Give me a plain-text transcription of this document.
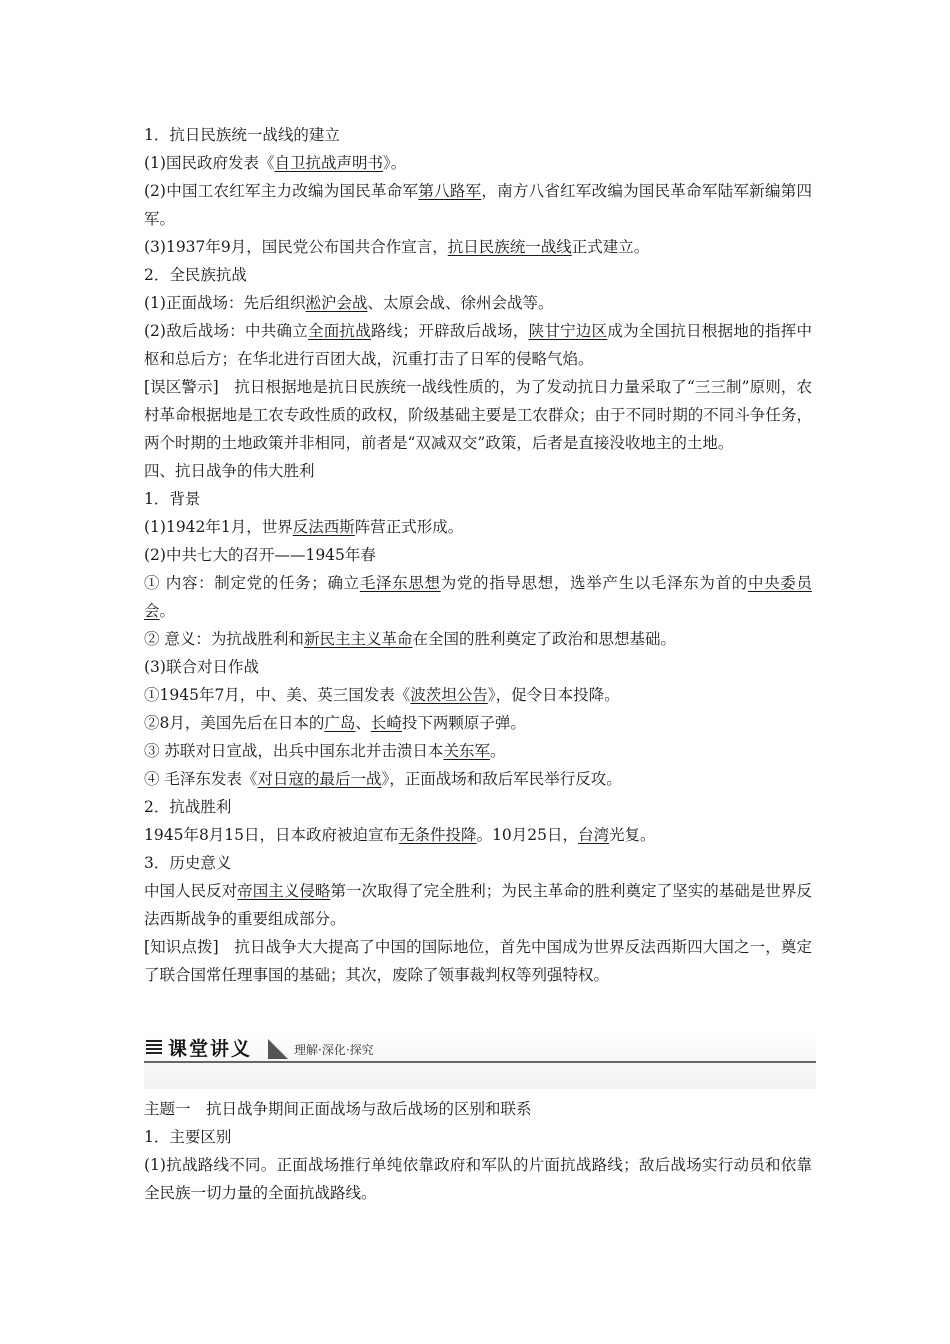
1．抗日民族统一战线的建立

(1)国民政府发表《自卫抗战声明书》。

(2)中国工农红军主力改编为国民革命军第八路军，南方八省红军改编为国民革命军陆军新编第四军。

(3)1937年9月，国民党公布国共合作宣言，抗日民族统一战线正式建立。

2．全民族抗战

(1)正面战场：先后组织淞沪会战、太原会战、徐州会战等。

(2)敌后战场：中共确立全面抗战路线；开辟敌后战场，陕甘宁边区成为全国抗日根据地的指挥中枢和总后方；在华北进行百团大战，沉重打击了日军的侵略气焰。

[误区警示]　抗日根据地是抗日民族统一战线性质的，为了发动抗日力量采取了“三三制”原则，农村革命根据地是工农专政性质的政权，阶级基础主要是工农群众；由于不同时期的不同斗争任务，两个时期的土地政策并非相同，前者是“双减双交”政策，后者是直接没收地主的土地。

四、抗日战争的伟大胜利

1．背景

(1)1942年1月，世界反法西斯阵营正式形成。

(2)中共七大的召开——1945年春

① 内容：制定党的任务；确立毛泽东思想为党的指导思想，选举产生以毛泽东为首的中央委员会。

② 意义：为抗战胜利和新民主主义革命在全国的胜利奠定了政治和思想基础。

(3)联合对日作战

①1945年7月，中、美、英三国发表《波茨坦公告》，促令日本投降。

②8月，美国先后在日本的广岛、长崎投下两颗原子弹。

③ 苏联对日宣战，出兵中国东北并击溃日本关东军。

④ 毛泽东发表《对日寇的最后一战》，正面战场和敌后军民举行反攻。

2．抗战胜利

1945年8月15日，日本政府被迫宣布无条件投降。10月25日，台湾光复。

3．历史意义

中国人民反对帝国主义侵略第一次取得了完全胜利；为民主革命的胜利奠定了坚实的基础是世界反法西斯战争的重要组成部分。

[知识点拨]　抗日战争大大提高了中国的国际地位，首先中国成为世界反法西斯四大国之一，奠定了联合国常任理事国的基础；其次，废除了领事裁判权等列强特权。

课堂讲义	理解·深化·探究

主题一　抗日战争期间正面战场与敌后战场的区别和联系

1．主要区别

(1)抗战路线不同。正面战场推行单纯依靠政府和军队的片面抗战路线；敌后战场实行动员和依靠全民族一切力量的全面抗战路线。
